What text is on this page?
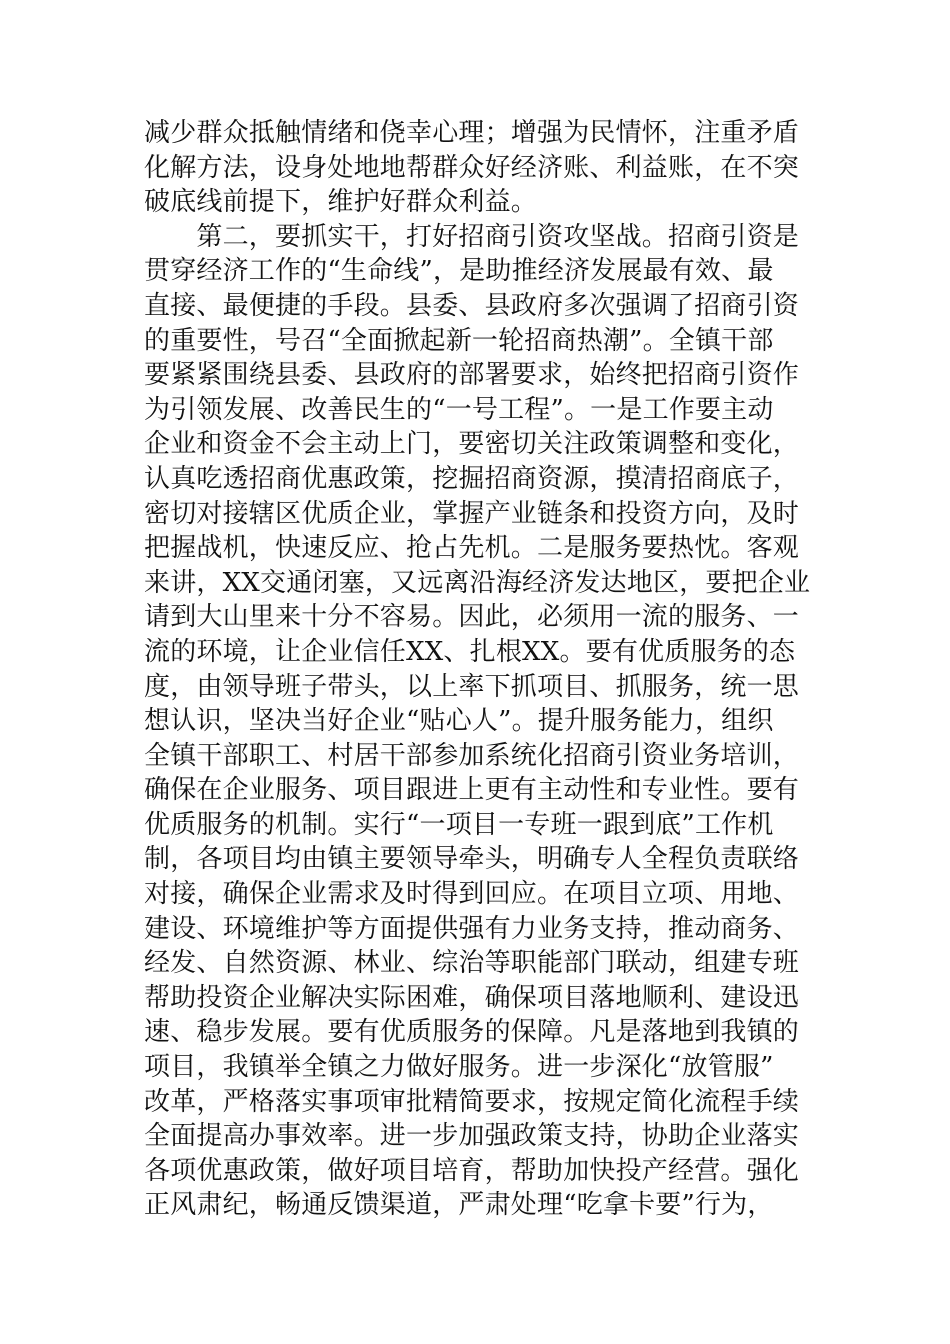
减少群众抵触情绪和侥幸心理；增强为民情怀，注重矛盾
化解方法，设身处地地帮群众好经济账、利益账，在不突
破底线前提下，维护好群众利益。
　　第二，要抓实干，打好招商引资攻坚战。招商引资是
贯穿经济工作的“生命线”，是助推经济发展最有效、最
直接、最便捷的手段。县委、县政府多次强调了招商引资
的重要性，号召“全面掀起新一轮招商热潮”。全镇干部
要紧紧围绕县委、县政府的部署要求，始终把招商引资作
为引领发展、改善民生的“一号工程”。一是工作要主动
企业和资金不会主动上门，要密切关注政策调整和变化，
认真吃透招商优惠政策，挖掘招商资源，摸清招商底子，
密切对接辖区优质企业，掌握产业链条和投资方向，及时
把握战机，快速反应、抢占先机。二是服务要热忱。客观
来讲，XX交通闭塞，又远离沿海经济发达地区，要把企业
请到大山里来十分不容易。因此，必须用一流的服务、一
流的环境，让企业信任XX、扎根XX。要有优质服务的态
度，由领导班子带头，以上率下抓项目、抓服务，统一思
想认识，坚决当好企业“贴心人”。提升服务能力，组织
全镇干部职工、村居干部参加系统化招商引资业务培训，
确保在企业服务、项目跟进上更有主动性和专业性。要有
优质服务的机制。实行“一项目一专班一跟到底”工作机
制，各项目均由镇主要领导牵头，明确专人全程负责联络
对接，确保企业需求及时得到回应。在项目立项、用地、
建设、环境维护等方面提供强有力业务支持，推动商务、
经发、自然资源、林业、综治等职能部门联动，组建专班
帮助投资企业解决实际困难，确保项目落地顺利、建设迅
速、稳步发展。要有优质服务的保障。凡是落地到我镇的
项目，我镇举全镇之力做好服务。进一步深化“放管服”
改革，严格落实事项审批精简要求，按规定简化流程手续
全面提高办事效率。进一步加强政策支持，协助企业落实
各项优惠政策，做好项目培育，帮助加快投产经营。强化
正风肃纪，畅通反馈渠道，严肃处理“吃拿卡要”行为，
